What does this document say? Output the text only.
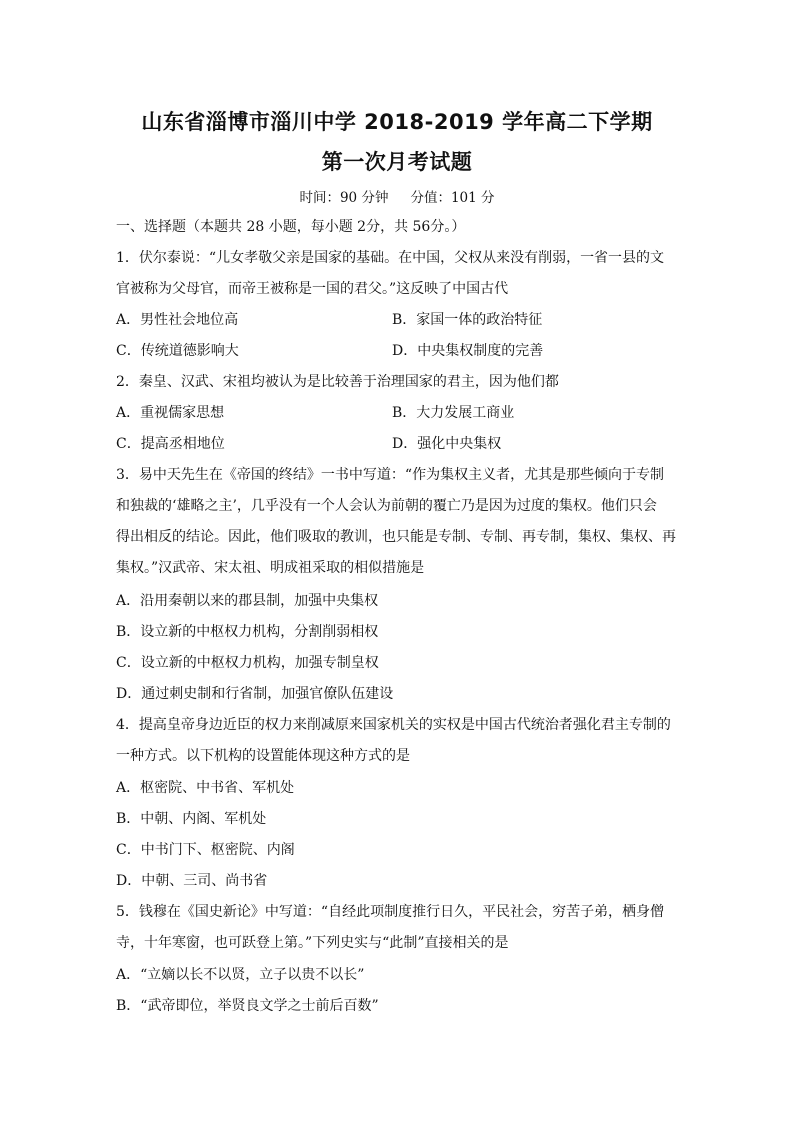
山东省淄博市淄川中学 2018-2019 学年高二下学期
第一次月考试题
时间：90 分钟 分值：101 分
一、选择题（本题共 28 小题，每小题 2分，共 56分。）
1．伏尔泰说：“儿女孝敬父亲是国家的基础。在中国，父权从来没有削弱，一省一县的文
官被称为父母官，而帝王被称是一国的君父。”这反映了中国古代
A．男性社会地位高	B．家国一体的政治特征
C．传统道德影响大	D．中央集权制度的完善
2．秦皇、汉武、宋祖均被认为是比较善于治理国家的君主，因为他们都
A．重视儒家思想	B．大力发展工商业
C．提高丞相地位	D．强化中央集权
3．易中天先生在《帝国的终结》一书中写道：“作为集权主义者，尤其是那些倾向于专制
和独裁的‘雄略之主’，几乎没有一个人会认为前朝的覆亡乃是因为过度的集权。他们只会
得出相反的结论。因此，他们吸取的教训，也只能是专制、专制、再专制，集权、集权、再
集权。”汉武帝、宋太祖、明成祖采取的相似措施是
A．沿用秦朝以来的郡县制，加强中央集权
B．设立新的中枢权力机构，分割削弱相权
C．设立新的中枢权力机构，加强专制皇权
D．通过刺史制和行省制，加强官僚队伍建设
4．提高皇帝身边近臣的权力来削减原来国家机关的实权是中国古代统治者强化君主专制的
一种方式。以下机构的设置能体现这种方式的是
A．枢密院、中书省、军机处
B．中朝、内阁、军机处
C．中书门下、枢密院、内阁
D．中朝、三司、尚书省
5．钱穆在《国史新论》中写道：“自经此项制度推行日久，平民社会，穷苦子弟，栖身僧
寺，十年寒窗，也可跃登上第。”下列史实与“此制”直接相关的是
A．“立嫡以长不以贤，立子以贵不以长”
B．“武帝即位，举贤良文学之士前后百数”
